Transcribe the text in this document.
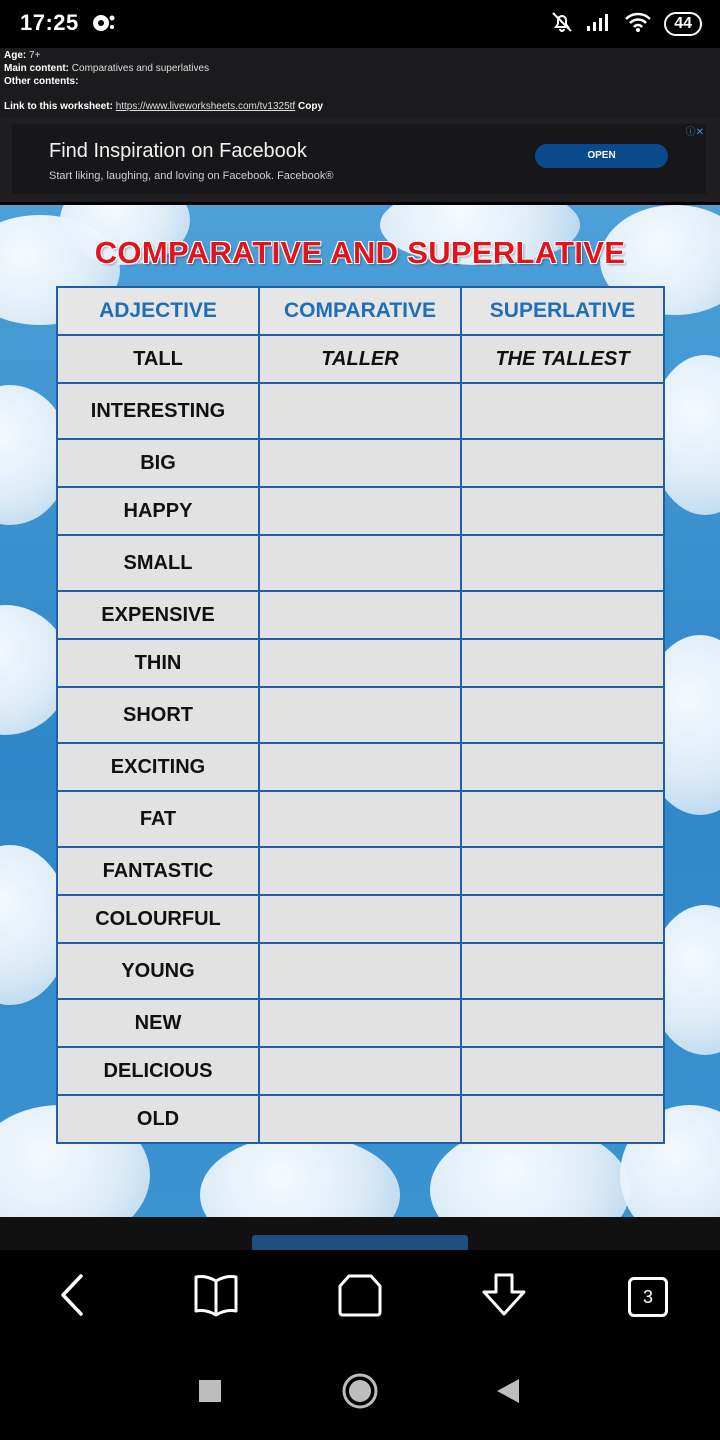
17:25	44
Age: 7+
Main content: Comparatives and superlatives
Other contents:
Link to this worksheet: https://www.liveworksheets.com/tv1325tf Copy
Find Inspiration on Facebook
Start liking, laughing, and loving on Facebook. Facebook®
OPEN
ⓘ✕
COMPARATIVE AND SUPERLATIVE
ADJECTIVE	COMPARATIVE	SUPERLATIVE
TALL	TALLER	THE TALLEST
INTERESTING		
BIG		
HAPPY		
SMALL		
EXPENSIVE		
THIN		
SHORT		
EXCITING		
FAT		
FANTASTIC		
COLOURFUL		
YOUNG		
NEW		
DELICIOUS		
OLD		
3
